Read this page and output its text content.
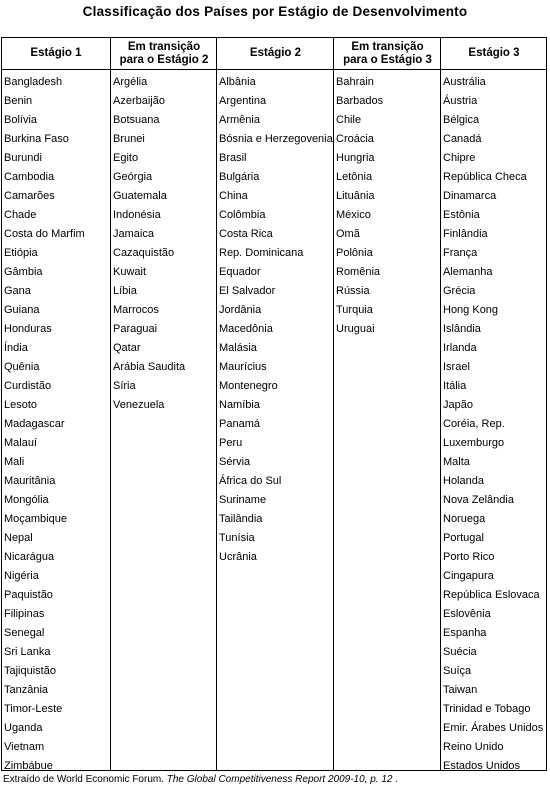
Classificação dos Países por Estágio de Desenvolvimento
Estágio 1
Bangladesh
Benin
Bolívia
Burkina Faso
Burundi
Cambodia
Camarões
Chade
Costa do Marfim
Etiópia
Gâmbia
Gana
Guiana
Honduras
Índia
Quênia
Curdistão
Lesoto
Madagascar
Malauí
Mali
Mauritânia
Mongólia
Moçambique
Nepal
Nicarágua
Nigéria
Paquistão
Filipinas
Senegal
Sri Lanka
Tajiquistão
Tanzânia
Timor-Leste
Uganda
Vietnam
Zimbábue
Em transição
para o Estágio 2
Argélia
Azerbaijão
Botsuana
Brunei
Egito
Geórgia
Guatemala
Indonésia
Jamaica
Cazaquistão
Kuwait
Líbia
Marrocos
Paraguai
Qatar
Arábia Saudita
Síria
Venezuela
Estágio 2
Albânia
Argentina
Armênia
Bósnia e Herzegovenia
Brasil
Bulgária
China
Colômbia
Costa Rica
Rep. Dominicana
Equador
El Salvador
Jordânia
Macedônia
Malásia
Maurícius
Montenegro
Namíbia
Panamá
Peru
Sérvia
África do Sul
Suriname
Tailândia
Tunísia
Ucrânia
Em transição
para o Estágio 3
Bahrain
Barbados
Chile
Croácia
Hungria
Letônia
Lituânia
México
Omã
Polônia
Romênia
Rússia
Turquia
Uruguai
Estágio 3
Austrália
Áustria
Bélgica
Canadá
Chipre
República Checa
Dinamarca
Estônia
Finlândia
França
Alemanha
Grécia
Hong Kong
Islândia
Irlanda
Israel
Itália
Japão
Coréia, Rep.
Luxemburgo
Malta
Holanda
Nova Zelândia
Noruega
Portugal
Porto Rico
Cingapura
República Eslovaca
Eslovênia
Espanha
Suécia
Suíça
Taiwan
Trinidad e Tobago
Emir. Árabes Unidos
Reino Unido
Estados Unidos
Extraído de World Economic Forum. The Global Competitiveness Report 2009-10, p. 12 .
